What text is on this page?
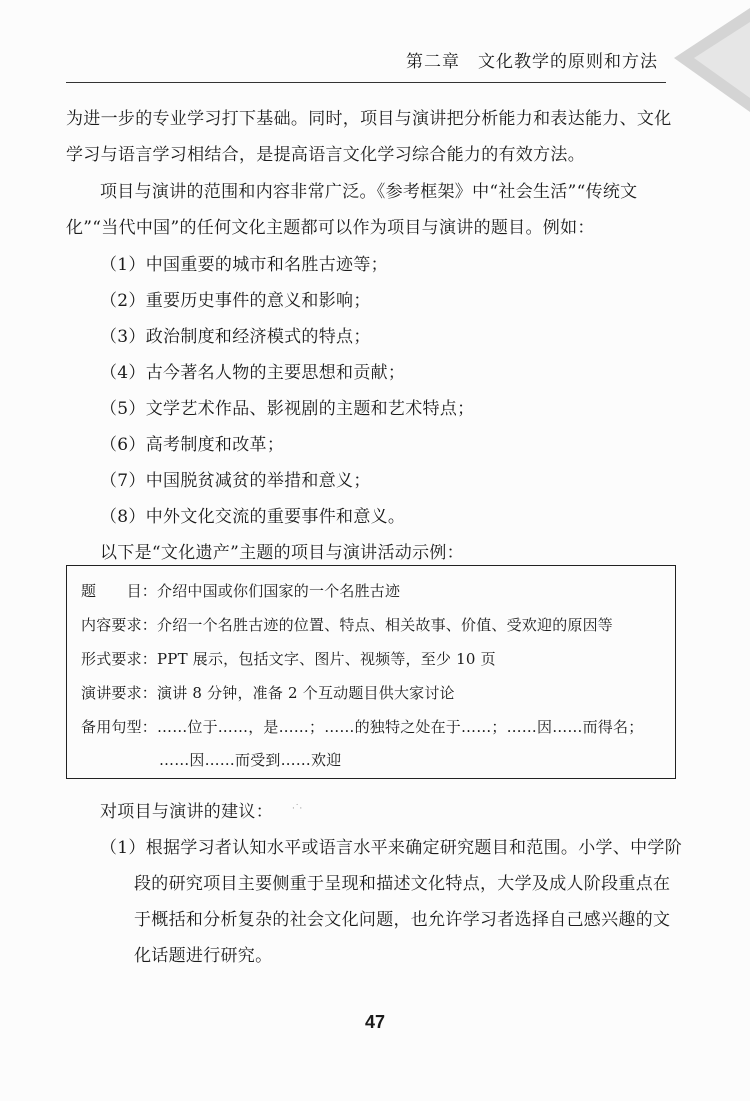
第二章　文化教学的原则和方法
为进一步的专业学习打下基础。同时，项目与演讲把分析能力和表达能力、文化
学习与语言学习相结合，是提高语言文化学习综合能力的有效方法。
项目与演讲的范围和内容非常广泛。《参考框架》中“社会生活”“传统文
化”“当代中国”的任何文化主题都可以作为项目与演讲的题目。例如：
（1）中国重要的城市和名胜古迹等；
（2）重要历史事件的意义和影响；
（3）政治制度和经济模式的特点；
（4）古今著名人物的主要思想和贡献；
（5）文学艺术作品、影视剧的主题和艺术特点；
（6）高考制度和改革；
（7）中国脱贫减贫的举措和意义；
（8）中外文化交流的重要事件和意义。
以下是“文化遗产”主题的项目与演讲活动示例：
题　　目：介绍中国或你们国家的一个名胜古迹
内容要求：介绍一个名胜古迹的位置、特点、相关故事、价值、受欢迎的原因等
形式要求：PPT 展示，包括文字、图片、视频等，至少 10 页
演讲要求：演讲 8 分钟，准备 2 个互动题目供大家讨论
备用句型：……位于……，是……；……的独特之处在于……；……因……而得名；
……因……而受到……欢迎
对项目与演讲的建议： ·˙·
（1）根据学习者认知水平或语言水平来确定研究题目和范围。小学、中学阶
段的研究项目主要侧重于呈现和描述文化特点，大学及成人阶段重点在
于概括和分析复杂的社会文化问题，也允许学习者选择自己感兴趣的文
化话题进行研究。
47
